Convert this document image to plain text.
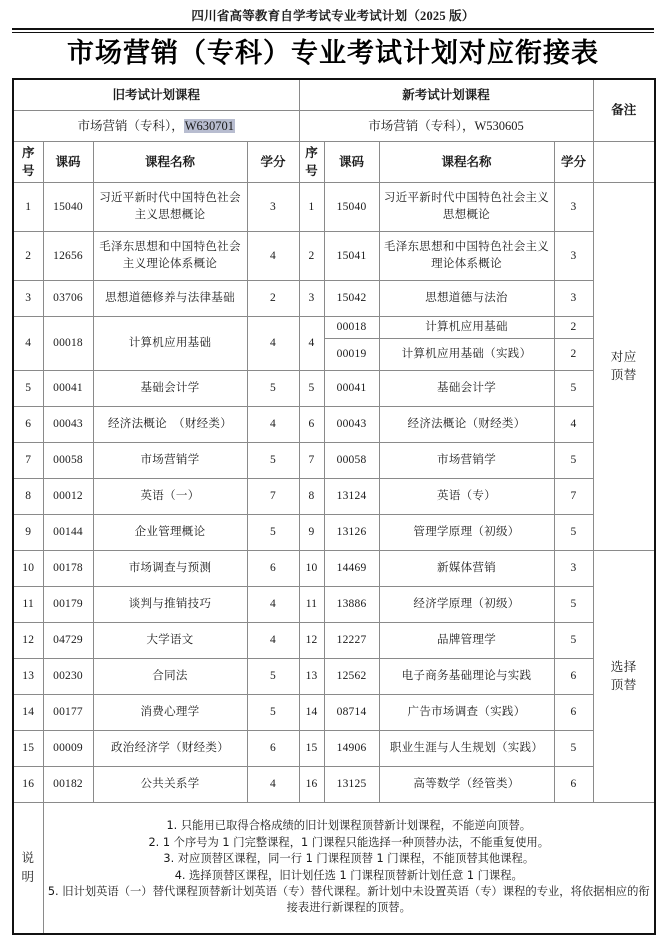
四川省高等教育自学考试专业考试计划（2025 版）
市场营销（专科）专业考试计划对应衔接表
旧考试计划课程				新考试计划课程				备注
市场营销（专科），W630701				市场营销（专科），W530605				
序号	课码	课程名称	学分	序号	课码	课程名称	学分	
1	15040	习近平新时代中国特色社会主义思想概论	3	1	15040	习近平新时代中国特色社会主义思想概论	3	对应
顶替

2	12656	毛泽东思想和中国特色社会主义理论体系概论	4	2	15041	毛泽东思想和中国特色社会主义理论体系概论	3	
3	03706	思想道德修养与法律基础	2	3	15042	思想道德与法治	3	
4	00018	计算机应用基础	4	4	00018	计算机应用基础	2	
					00019	计算机应用基础（实践）	2	
5	00041	基础会计学	5	5	00041	基础会计学	5	
6	00043	经济法概论　（财经类）	4	6	00043	经济法概论（财经类）	4	
7	00058	市场营销学	5	7	00058	市场营销学	5	
8	00012	英语（一）	7	8	13124	英语（专）	7	
9	00144	企业管理概论	5	9	13126	管理学原理（初级）	5	
10	00178	市场调查与预测	6	10	14469	新媒体营销	3	选择
顶替

11	00179	谈判与推销技巧	4	11	13886	经济学原理（初级）	5	
12	04729	大学语文	4	12	12227	品牌管理学	5	
13	00230	合同法	5	13	12562	电子商务基础理论与实践	6	
14	00177	消费心理学	5	14	08714	广告市场调查（实践）	6	
15	00009	政治经济学（财经类）	6	15	14906	职业生涯与人生规划（实践）	5	
16	00182	公共关系学	4	16	13125	高等数学（经管类）	6	

说
明

1. 只能用已取得合格成绩的旧计划课程顶替新计划课程，不能逆向顶替。

2. 1 个序号为 1 门完整课程，1 门课程只能选择一种顶替办法，不能重复使用。

3. 对应顶替区课程，同一行 1 门课程顶替 1 门课程，不能顶替其他课程。

4. 选择顶替区课程，旧计划任选 1 门课程顶替新计划任意 1 门课程。

5. 旧计划英语（一）替代课程顶替新计划英语（专）替代课程。新计划中未设置英语（专）课程的专业，将依据相应的衔接表进行新课程的顶替。
